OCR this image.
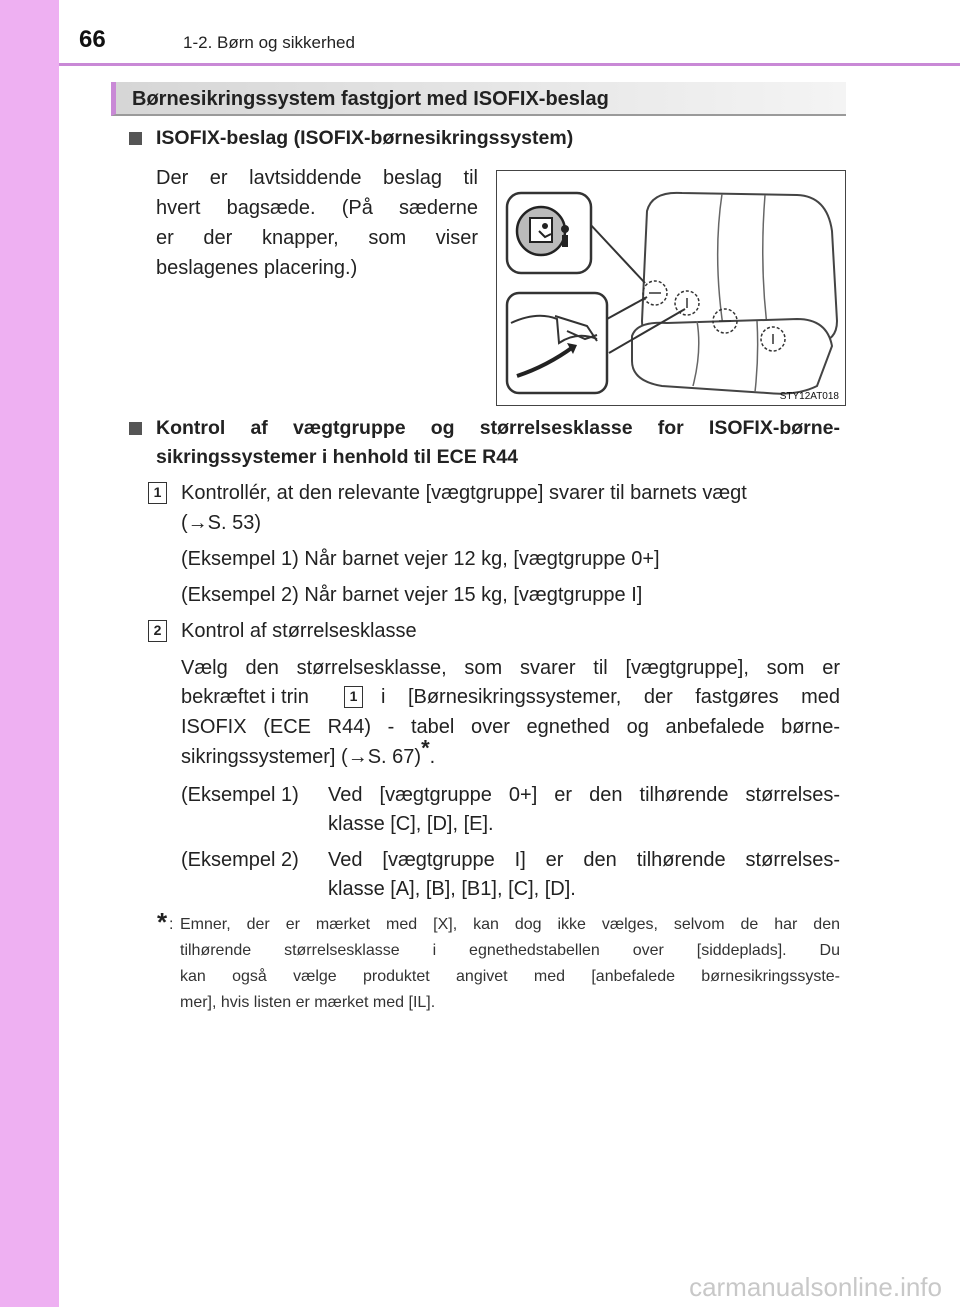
66	1-2. Børn og sikkerhed
Børnesikringssystem fastgjort med ISOFIX-beslag
ISOFIX-beslag (ISOFIX-børnesikringssystem)
Der er lavtsiddende beslag til
hvert bagsæde. (På sæderne
er der knapper, som viser
beslagenes placering.)
STY12AT018
Kontrol af vægtgruppe og størrelsesklasse for ISOFIX-børne-
sikringssystemer i henhold til ECE R44
1 Kontrollér, at den relevante [vægtgruppe] svarer til barnets vægt
(→S. 53)
(Eksempel 1) Når barnet vejer 12 kg, [vægtgruppe 0+]
(Eksempel 2) Når barnet vejer 15 kg, [vægtgruppe I]
2 Kontrol af størrelsesklasse
Vælg den størrelsesklasse, som svarer til [vægtgruppe], som er
bekræftet i trin	1 i [Børnesikringssystemer, der fastgøres med
ISOFIX (ECE R44) - tabel over egnethed og anbefalede børne-
sikringssystemer] (→S. 67)*.
(Eksempel 1) Ved [vægtgruppe 0+] er den tilhørende størrelses-
klasse [C], [D], [E].
(Eksempel 2) Ved [vægtgruppe I] er den tilhørende størrelses-
klasse [A], [B], [B1], [C], [D].
* : Emner, der er mærket med [X], kan dog ikke vælges, selvom de har den
tilhørende størrelsesklasse i egnethedstabellen over [siddeplads]. Du
kan også vælge produktet angivet med [anbefalede børnesikringssyste-
mer], hvis listen er mærket med [IL].
carmanualsonline.info
